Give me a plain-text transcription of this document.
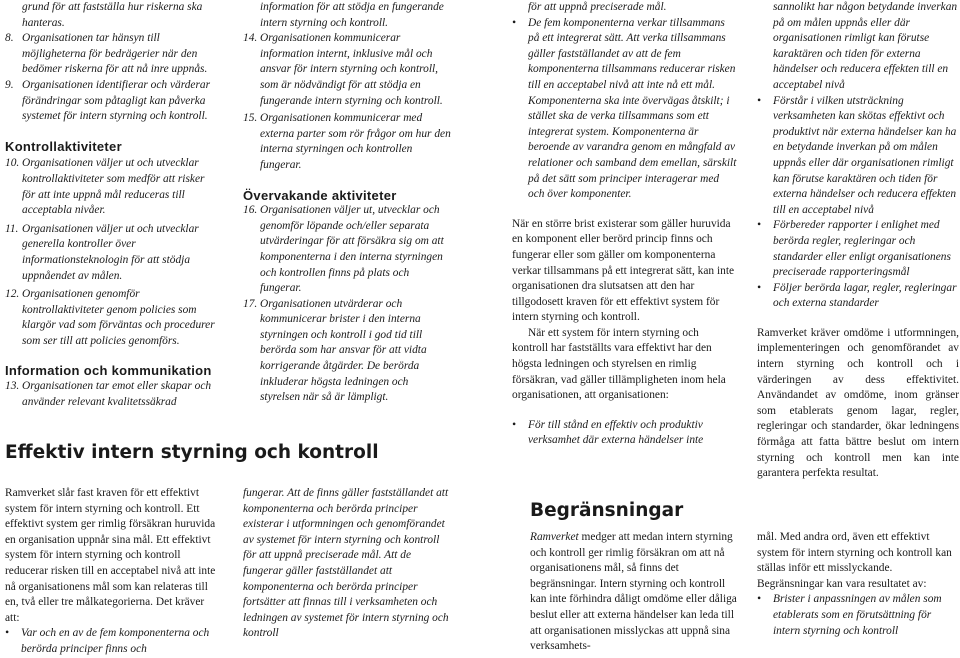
grund för att fastställa hur riskerna ska hanteras.

8. Organisationen tar hänsyn till möjligheterna för bedrägerier när den bedömer riskerna för att nå inre uppnås.
9. Organisationen identifierar och värderar förändringar som påtagligt kan påverka systemet för intern styrning och kontroll.
Kontrollaktiviteter
10. Organisationen väljer ut och utvecklar kontrollaktiviteter som medför att risker för att inte uppnå mål reduceras till acceptabla nivåer.
11. Organisationen väljer ut och utvecklar generella kontroller över informationsteknologin för att stödja uppnåendet av målen.
12. Organisationen genomför kontrollaktiviteter genom policies som klargör vad som förväntas och procedurer som ser till att policies genomförs.
Information och kommunikation
13. Organisationen tar emot eller skapar och använder relevant kvalitetssäkrad

information för att stödja en fungerande intern styrning och kontroll.

14. Organisationen kommunicerar information internt, inklusive mål och ansvar för intern styrning och kontroll, som är nödvändigt för att stödja en fungerande intern styrning och kontroll.
15. Organisationen kommunicerar med externa parter som rör frågor om hur den interna styrningen och kontrollen fungerar.
Övervakande aktiviteter
16. Organisationen väljer ut, utvecklar och genomför löpande och/eller separata utvärderingar för att försäkra sig om att komponenterna i den interna styrningen och kontrollen finns på plats och fungerar.
17. Organisationen utvärderar och kommunicerar brister i den interna styrningen och kontroll i god tid till berörda som har ansvar för att vidta korrigerande åtgärder. De berörda inkluderar högsta ledningen och styrelsen när så är lämpligt.

för att uppnå preciserade mål.

• De fem komponenterna verkar tillsammans på ett integrerat sätt. Att verka tillsammans gäller fastställandet av att de fem komponenterna tillsammans reducerar risken till en acceptabel nivå att inte nå ett mål. Komponenterna ska inte övervägas åtskilt; i stället ska de verka tillsammans som ett integrerat system. Komponenterna är beroende av varandra genom en mångfald av relationer och samband dem emellan, särskilt på det sätt som principer interagerar med och över komponenter.

När en större brist existerar som gäller huruvida en komponent eller berörd princip finns och fungerar eller som gäller om komponenterna verkar tillsammans på ett integrerat sätt, kan inte organisationen dra slutsatsen att den har tillgodosett kraven för ett effektivt system för intern styrning och kontroll.

När ett system för intern styrning och kontroll har fastställts vara effektivt har den högsta ledningen och styrelsen en rimlig försäkran, vad gäller tillämpligheten inom hela organisationen, att organisationen:

• För till stånd en effektiv och produktiv verksamhet där externa händelser inte

sannolikt har någon betydande inverkan på om målen uppnås eller där organisationen rimligt kan förutse karaktären och tiden för externa händelser och reducera effekten till en acceptabel nivå

• Förstår i vilken utsträckning verksamheten kan skötas effektivt och produktivt när externa händelser kan ha en betydande inverkan på om målen uppnås eller där organisationen rimligt kan förutse karaktären och tiden för externa händelser och reducera effekten till en acceptabel nivå
• Förbereder rapporter i enlighet med berörda regler, regleringar och standarder eller enligt organisationens preciserade rapporteringsmål
• Följer berörda lagar, regler, regleringar och externa standarder

Ramverket kräver omdöme i utformningen, implementeringen och genomförandet av intern styrning och kontroll och i värderingen av dess effektivitet. Användandet av omdöme, inom gränser som etablerats genom lagar, regler, regleringar och standarder, ökar ledningens förmåga att fatta bättre beslut om intern styrning och kontroll men kan inte garantera perfekta resultat.

Effektiv intern styrning och kontroll

Ramverket slår fast kraven för ett effektivt system för intern styrning och kontroll. Ett effektivt system ger rimlig försäkran huruvida en organisation uppnår sina mål. Ett effektivt system för intern styrning och kontroll reducerar risken till en acceptabel nivå att inte nå organisationens mål som kan relateras till en, två eller tre målkategorierna. Det kräver att:

• Var och en av de fem komponenterna och berörda principer finns och

fungerar. Att de finns gäller fastställandet att komponenterna och berörda principer existerar i utformningen och genomförandet av systemet för intern styrning och kontroll för att uppnå preciserade mål. Att de fungerar gäller fastställandet att komponenterna och berörda principer fortsätter att finnas till i verksamheten och ledningen av systemet för intern styrning och kontroll

Begränsningar

Ramverket medger att medan intern styrning och kontroll ger rimlig försäkran om att nå organisationens mål, så finns det begränsningar. Intern styrning och kontroll kan inte förhindra dåligt omdöme eller dåliga beslut eller att externa händelser kan leda till att organisationen misslyckas att uppnå sina verksamhets-

mål. Med andra ord, även ett effektivt system för intern styrning och kontroll kan ställas inför ett misslyckande. Begränsningar kan vara resultatet av:

• Brister i anpassningen av målen som etablerats som en förutsättning för intern styrning och kontroll
